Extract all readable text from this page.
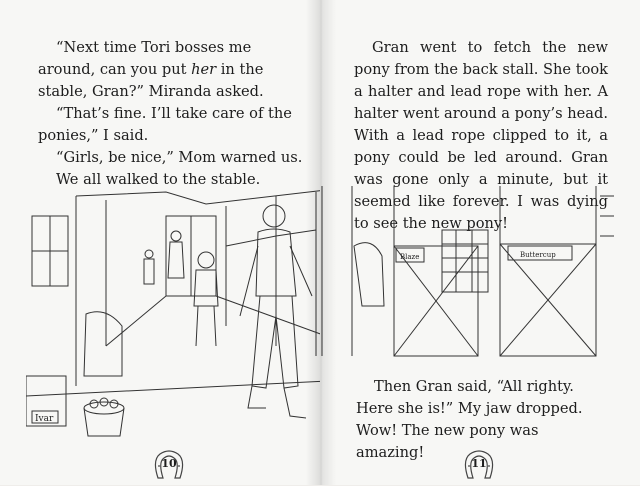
“Next time Tori bosses me around, can you put her in the stable, Gran?” Miranda asked.

“That’s fine. I’ll take care of the ponies,” I said.

“Girls, be nice,” Mom warned us.

We all walked to the stable.

Ivar
10

Gran went to fetch the new pony from the back stall. She took a halter and lead rope with her. A halter went around a pony’s head. With a lead rope clipped to it, a pony could be led around. Gran was gone only a minute, but it seemed like forever. I was dying to see the new pony!

Blaze	Buttercup

Then Gran said, “All righty. Here she is!” My jaw dropped. Wow! The new pony was amazing!

11
